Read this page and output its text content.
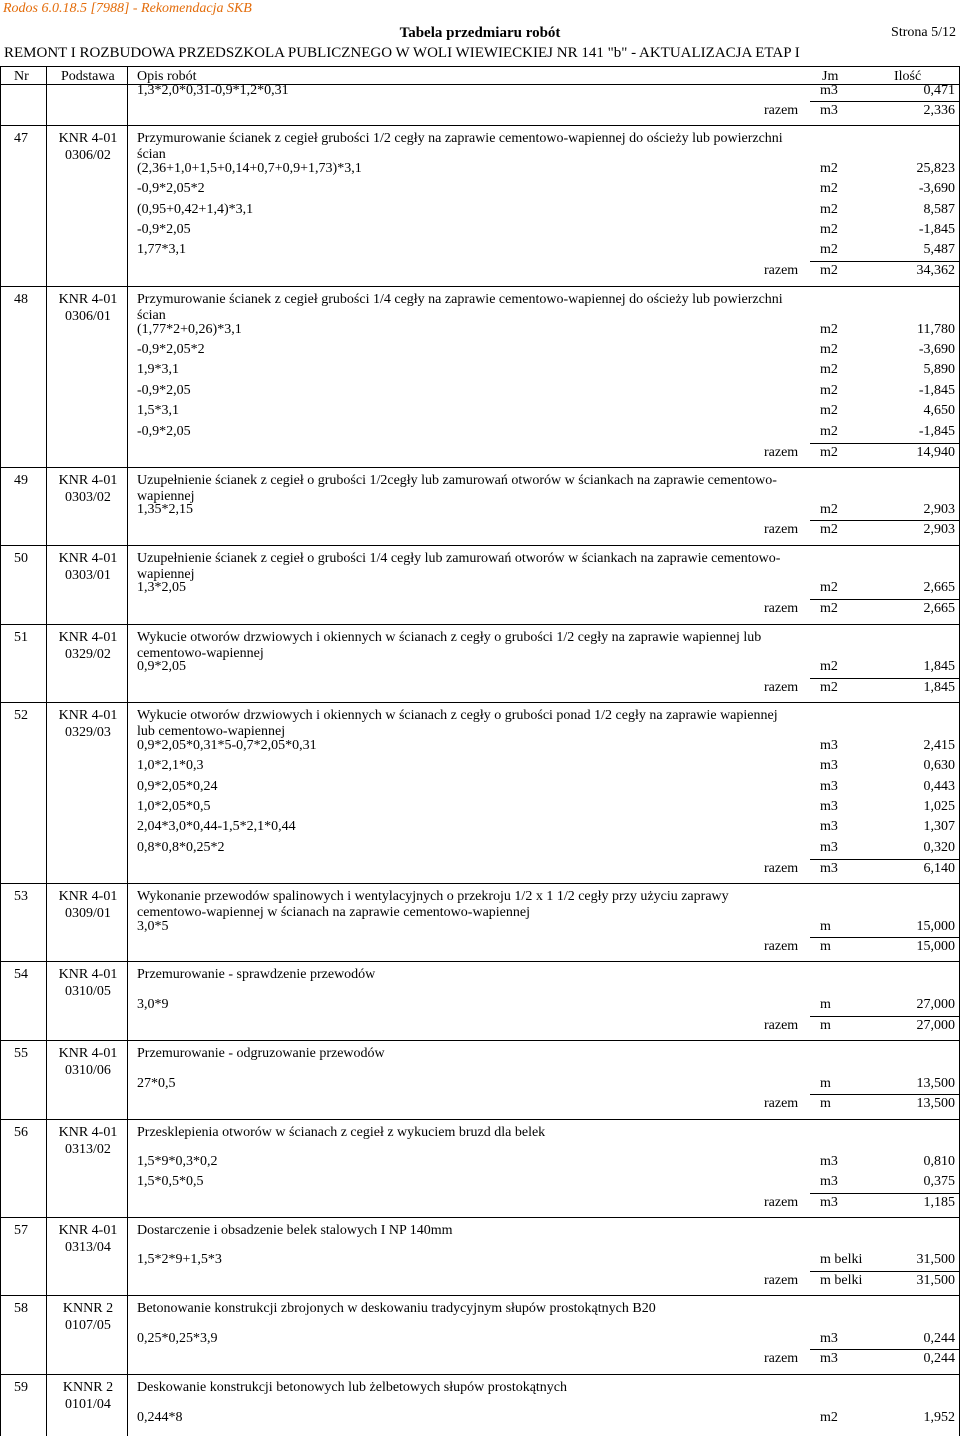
Rodos 6.0.18.5 [7988] - Rekomendacja SKB
Tabela przedmiaru robót	Strona 5/12
REMONT I ROZBUDOWA PRZEDSZKOLA PUBLICZNEGO W WOLI WIEWIECKIEJ NR 141 "b" - AKTUALIZACJA ETAP I
Nr Podstawa Opis robót	Jm	Ilość
1,3*2,0*0,31-0,9*1,2*0,31	m3	0,471
razem m3	2,336
47	KNR 4-01
0306/02
Przymurowanie ścianek z cegieł grubości 1/2 cegły na zaprawie cementowo-wapiennej do ościeży lub powierzchni ścian
(2,36+1,0+1,5+0,14+0,7+0,9+1,73)*3,1	m2	25,823
-0,9*2,05*2	m2	-3,690
(0,95+0,42+1,4)*3,1	m2	8,587
-0,9*2,05	m2	-1,845
1,77*3,1	m2	5,487
razem m2	34,362
48	KNR 4-01
0306/01
Przymurowanie ścianek z cegieł grubości 1/4 cegły na zaprawie cementowo-wapiennej do ościeży lub powierzchni ścian
(1,77*2+0,26)*3,1	m2	11,780
-0,9*2,05*2	m2	-3,690
1,9*3,1	m2	5,890
-0,9*2,05	m2	-1,845
1,5*3,1	m2	4,650
-0,9*2,05	m2	-1,845
razem m2	14,940
49	KNR 4-01
0303/02
Uzupełnienie ścianek z cegieł o grubości 1/2cegły lub zamurowań otworów w ściankach na zaprawie cementowo-wapiennej
1,35*2,15	m2	2,903
razem m2	2,903
50	KNR 4-01
0303/01
Uzupełnienie ścianek z cegieł o grubości 1/4 cegły lub zamurowań otworów w ściankach na zaprawie cementowo-wapiennej
1,3*2,05	m2	2,665
razem m2	2,665
51	KNR 4-01
0329/02
Wykucie otworów drzwiowych i okiennych w ścianach z cegły o grubości 1/2 cegły na zaprawie wapiennej lub cementowo-wapiennej
0,9*2,05	m2	1,845
razem m2	1,845
52	KNR 4-01
0329/03
Wykucie otworów drzwiowych i okiennych w ścianach z cegły o grubości ponad 1/2 cegły na zaprawie wapiennej lub cementowo-wapiennej
0,9*2,05*0,31*5-0,7*2,05*0,31	m3	2,415
1,0*2,1*0,3	m3	0,630
0,9*2,05*0,24	m3	0,443
1,0*2,05*0,5	m3	1,025
2,04*3,0*0,44-1,5*2,1*0,44	m3	1,307
0,8*0,8*0,25*2	m3	0,320
razem m3	6,140
53	KNR 4-01
0309/01
Wykonanie przewodów spalinowych i wentylacyjnych o przekroju 1/2 x 1 1/2 cegły przy użyciu zaprawy cementowo-wapiennej w ścianach na zaprawie cementowo-wapiennej
3,0*5	m	15,000
razem m	15,000
54	KNR 4-01
0310/05
Przemurowanie - sprawdzenie przewodów
3,0*9	m	27,000
razem m	27,000
55	KNR 4-01
0310/06
Przemurowanie - odgruzowanie przewodów
27*0,5	m	13,500
razem m	13,500
56	KNR 4-01
0313/02
Przesklepienia otworów w ścianach z cegieł z wykuciem bruzd dla belek
1,5*9*0,3*0,2	m3	0,810
1,5*0,5*0,5	m3	0,375
razem m3	1,185
57	KNR 4-01
0313/04
Dostarczenie i obsadzenie belek stalowych I NP 140mm
1,5*2*9+1,5*3	m belki	31,500
razem m belki	31,500
58	KNNR 2
0107/05
Betonowanie konstrukcji zbrojonych w deskowaniu tradycyjnym słupów prostokątnych B20
0,25*0,25*3,9	m3	0,244
razem m3	0,244
59	KNNR 2
0101/04
Deskowanie konstrukcji betonowych lub żelbetowych słupów prostokątnych
0,244*8	m2	1,952
